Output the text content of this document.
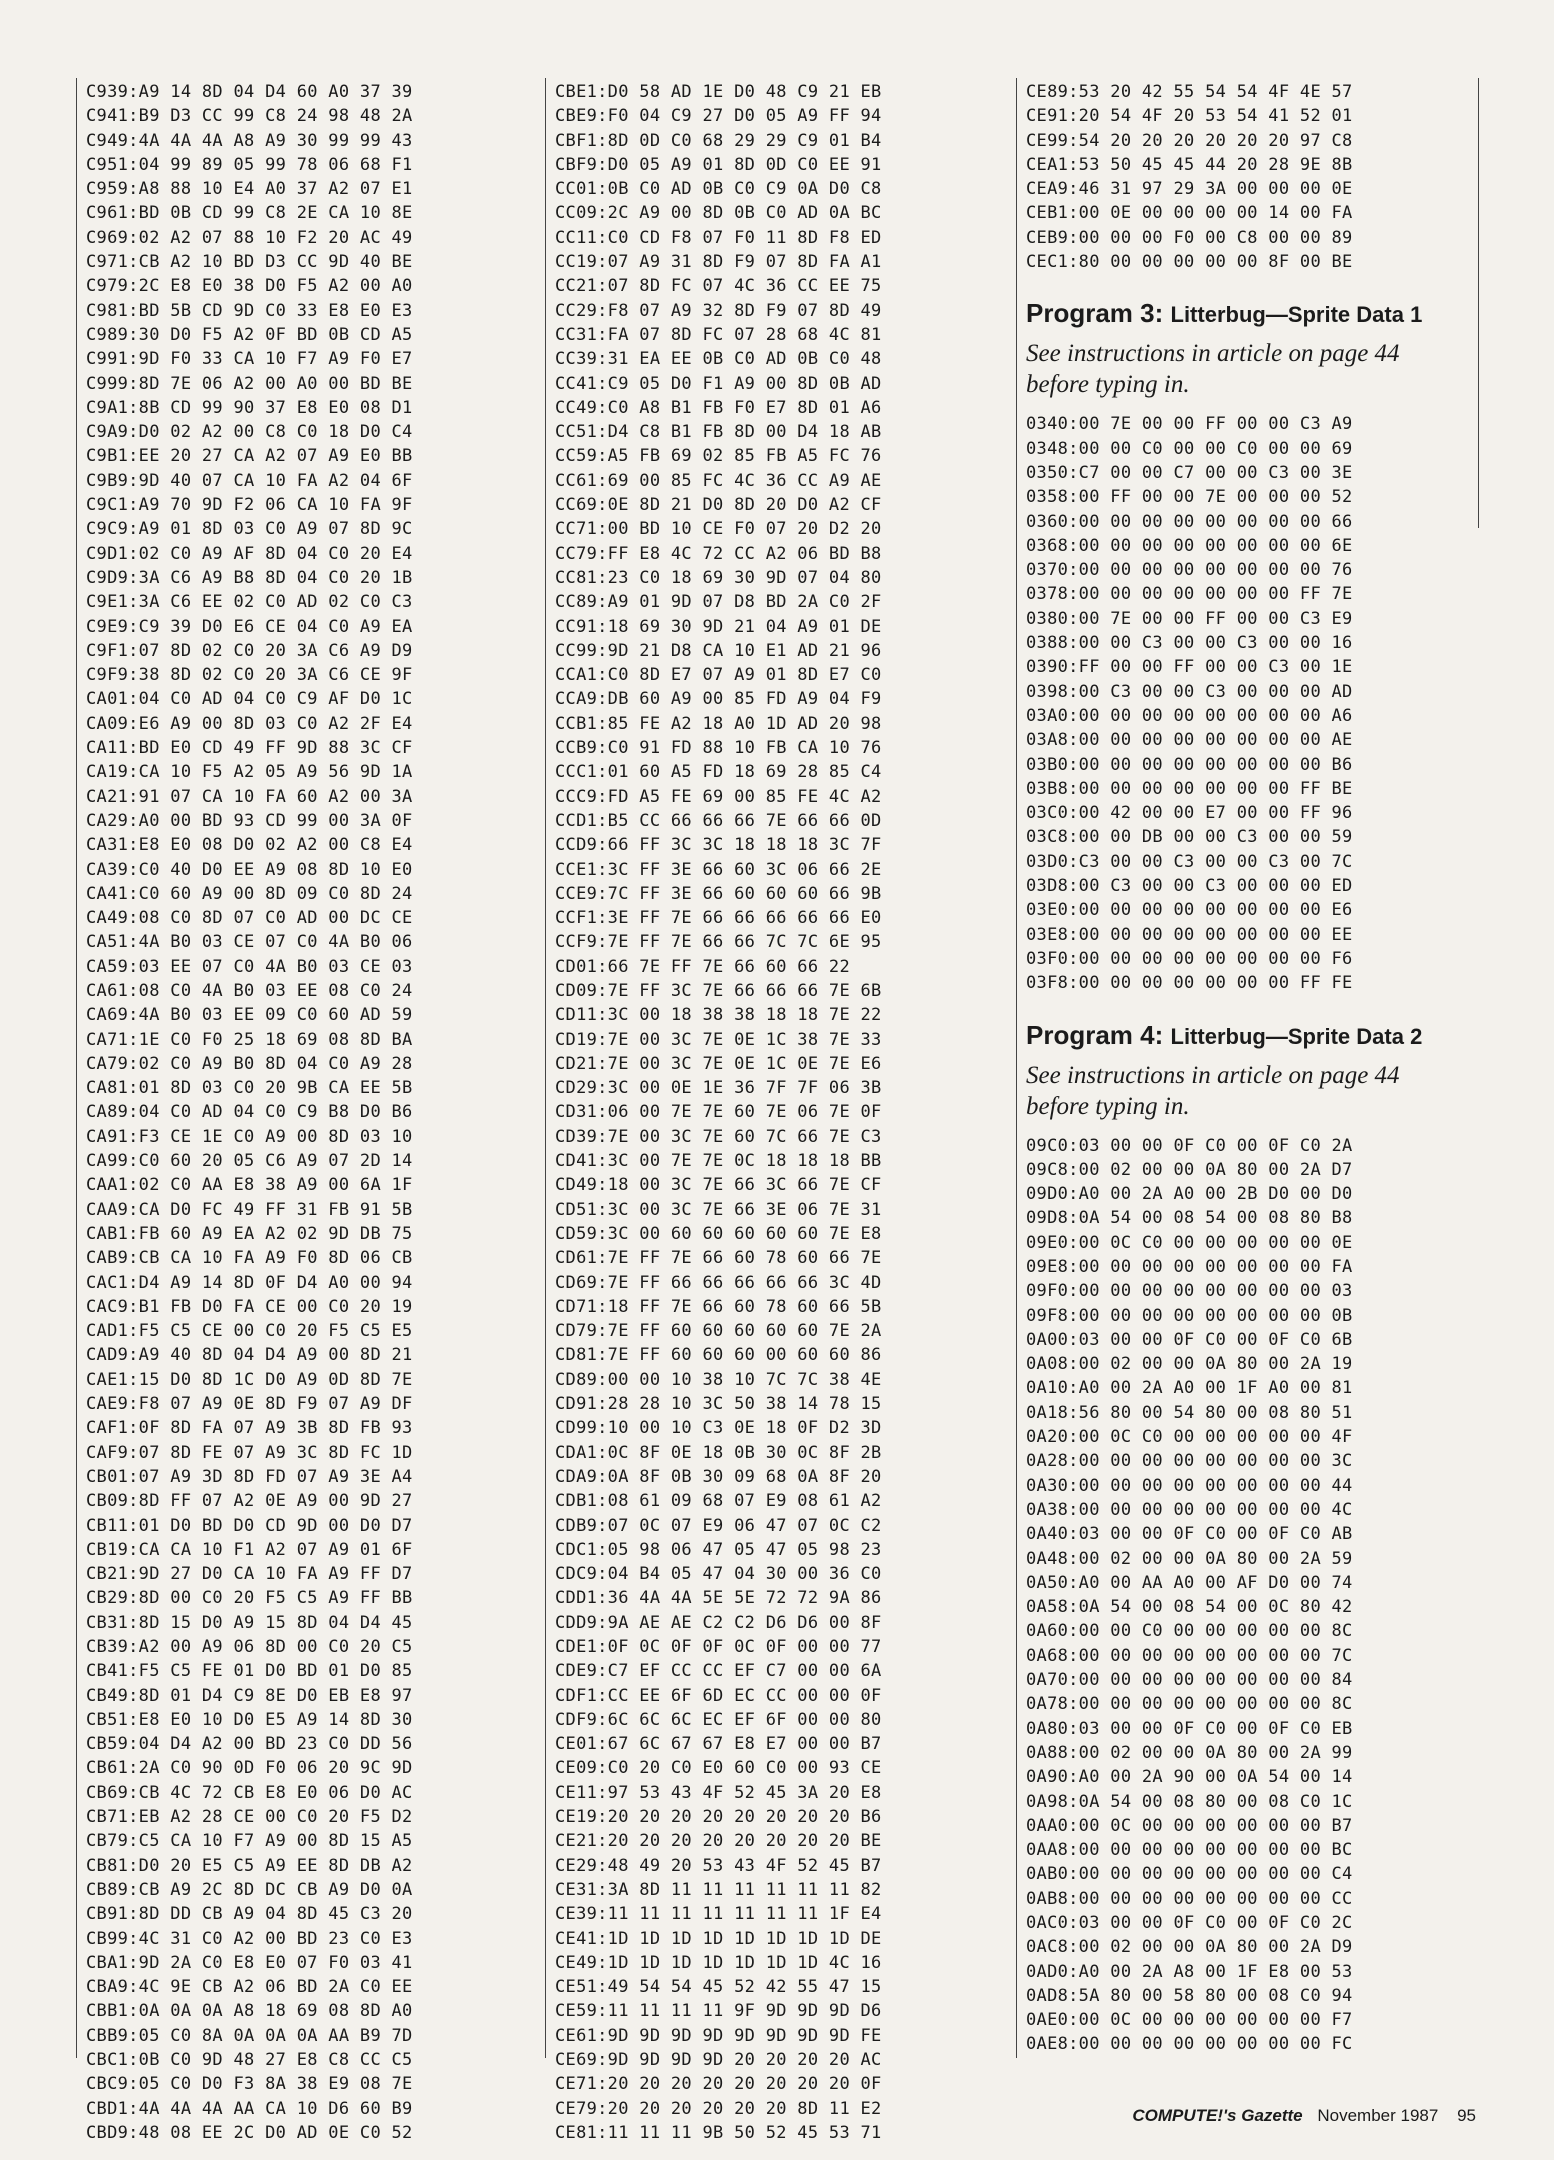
C939:A9 14 8D 04 D4 60 A0 37 39
C941:B9 D3 CC 99 C8 24 98 48 2A
C949:4A 4A 4A A8 A9 30 99 99 43
C951:04 99 89 05 99 78 06 68 F1
C959:A8 88 10 E4 A0 37 A2 07 E1
C961:BD 0B CD 99 C8 2E CA 10 8E
C969:02 A2 07 88 10 F2 20 AC 49
C971:CB A2 10 BD D3 CC 9D 40 BE
C979:2C E8 E0 38 D0 F5 A2 00 A0
C981:BD 5B CD 9D C0 33 E8 E0 E3
C989:30 D0 F5 A2 0F BD 0B CD A5
C991:9D F0 33 CA 10 F7 A9 F0 E7
C999:8D 7E 06 A2 00 A0 00 BD BE
C9A1:8B CD 99 90 37 E8 E0 08 D1
C9A9:D0 02 A2 00 C8 C0 18 D0 C4
C9B1:EE 20 27 CA A2 07 A9 E0 BB
C9B9:9D 40 07 CA 10 FA A2 04 6F
C9C1:A9 70 9D F2 06 CA 10 FA 9F
C9C9:A9 01 8D 03 C0 A9 07 8D 9C
C9D1:02 C0 A9 AF 8D 04 C0 20 E4
C9D9:3A C6 A9 B8 8D 04 C0 20 1B
C9E1:3A C6 EE 02 C0 AD 02 C0 C3
C9E9:C9 39 D0 E6 CE 04 C0 A9 EA
C9F1:07 8D 02 C0 20 3A C6 A9 D9
C9F9:38 8D 02 C0 20 3A C6 CE 9F
CA01:04 C0 AD 04 C0 C9 AF D0 1C
CA09:E6 A9 00 8D 03 C0 A2 2F E4
CA11:BD E0 CD 49 FF 9D 88 3C CF
CA19:CA 10 F5 A2 05 A9 56 9D 1A
CA21:91 07 CA 10 FA 60 A2 00 3A
CA29:A0 00 BD 93 CD 99 00 3A 0F
CA31:E8 E0 08 D0 02 A2 00 C8 E4
CA39:C0 40 D0 EE A9 08 8D 10 E0
CA41:C0 60 A9 00 8D 09 C0 8D 24
CA49:08 C0 8D 07 C0 AD 00 DC CE
CA51:4A B0 03 CE 07 C0 4A B0 06
CA59:03 EE 07 C0 4A B0 03 CE 03
CA61:08 C0 4A B0 03 EE 08 C0 24
CA69:4A B0 03 EE 09 C0 60 AD 59
CA71:1E C0 F0 25 18 69 08 8D BA
CA79:02 C0 A9 B0 8D 04 C0 A9 28
CA81:01 8D 03 C0 20 9B CA EE 5B
CA89:04 C0 AD 04 C0 C9 B8 D0 B6
CA91:F3 CE 1E C0 A9 00 8D 03 10
CA99:C0 60 20 05 C6 A9 07 2D 14
CAA1:02 C0 AA E8 38 A9 00 6A 1F
CAA9:CA D0 FC 49 FF 31 FB 91 5B
CAB1:FB 60 A9 EA A2 02 9D DB 75
CAB9:CB CA 10 FA A9 F0 8D 06 CB
CAC1:D4 A9 14 8D 0F D4 A0 00 94
CAC9:B1 FB D0 FA CE 00 C0 20 19
CAD1:F5 C5 CE 00 C0 20 F5 C5 E5
CAD9:A9 40 8D 04 D4 A9 00 8D 21
CAE1:15 D0 8D 1C D0 A9 0D 8D 7E
CAE9:F8 07 A9 0E 8D F9 07 A9 DF
CAF1:0F 8D FA 07 A9 3B 8D FB 93
CAF9:07 8D FE 07 A9 3C 8D FC 1D
CB01:07 A9 3D 8D FD 07 A9 3E A4
CB09:8D FF 07 A2 0E A9 00 9D 27
CB11:01 D0 BD D0 CD 9D 00 D0 D7
CB19:CA CA 10 F1 A2 07 A9 01 6F
CB21:9D 27 D0 CA 10 FA A9 FF D7
CB29:8D 00 C0 20 F5 C5 A9 FF BB
CB31:8D 15 D0 A9 15 8D 04 D4 45
CB39:A2 00 A9 06 8D 00 C0 20 C5
CB41:F5 C5 FE 01 D0 BD 01 D0 85
CB49:8D 01 D4 C9 8E D0 EB E8 97
CB51:E8 E0 10 D0 E5 A9 14 8D 30
CB59:04 D4 A2 00 BD 23 C0 DD 56
CB61:2A C0 90 0D F0 06 20 9C 9D
CB69:CB 4C 72 CB E8 E0 06 D0 AC
CB71:EB A2 28 CE 00 C0 20 F5 D2
CB79:C5 CA 10 F7 A9 00 8D 15 A5
CB81:D0 20 E5 C5 A9 EE 8D DB A2
CB89:CB A9 2C 8D DC CB A9 D0 0A
CB91:8D DD CB A9 04 8D 45 C3 20
CB99:4C 31 C0 A2 00 BD 23 C0 E3
CBA1:9D 2A C0 E8 E0 07 F0 03 41
CBA9:4C 9E CB A2 06 BD 2A C0 EE
CBB1:0A 0A 0A A8 18 69 08 8D A0
CBB9:05 C0 8A 0A 0A 0A AA B9 7D
CBC1:0B C0 9D 48 27 E8 C8 CC C5
CBC9:05 C0 D0 F3 8A 38 E9 08 7E
CBD1:4A 4A 4A AA CA 10 D6 60 B9
CBD9:48 08 EE 2C D0 AD 0E C0 52
CBE1:D0 58 AD 1E D0 48 C9 21 EB
CBE9:F0 04 C9 27 D0 05 A9 FF 94
CBF1:8D 0D C0 68 29 29 C9 01 B4
CBF9:D0 05 A9 01 8D 0D C0 EE 91
CC01:0B C0 AD 0B C0 C9 0A D0 C8
CC09:2C A9 00 8D 0B C0 AD 0A BC
CC11:C0 CD F8 07 F0 11 8D F8 ED
CC19:07 A9 31 8D F9 07 8D FA A1
CC21:07 8D FC 07 4C 36 CC EE 75
CC29:F8 07 A9 32 8D F9 07 8D 49
CC31:FA 07 8D FC 07 28 68 4C 81
CC39:31 EA EE 0B C0 AD 0B C0 48
CC41:C9 05 D0 F1 A9 00 8D 0B AD
CC49:C0 A8 B1 FB F0 E7 8D 01 A6
CC51:D4 C8 B1 FB 8D 00 D4 18 AB
CC59:A5 FB 69 02 85 FB A5 FC 76
CC61:69 00 85 FC 4C 36 CC A9 AE
CC69:0E 8D 21 D0 8D 20 D0 A2 CF
CC71:00 BD 10 CE F0 07 20 D2 20
CC79:FF E8 4C 72 CC A2 06 BD B8
CC81:23 C0 18 69 30 9D 07 04 80
CC89:A9 01 9D 07 D8 BD 2A C0 2F
CC91:18 69 30 9D 21 04 A9 01 DE
CC99:9D 21 D8 CA 10 E1 AD 21 96
CCA1:C0 8D E7 07 A9 01 8D E7 C0
CCA9:DB 60 A9 00 85 FD A9 04 F9
CCB1:85 FE A2 18 A0 1D AD 20 98
CCB9:C0 91 FD 88 10 FB CA 10 76
CCC1:01 60 A5 FD 18 69 28 85 C4
CCC9:FD A5 FE 69 00 85 FE 4C A2
CCD1:B5 CC 66 66 66 7E 66 66 0D
CCD9:66 FF 3C 3C 18 18 18 3C 7F
CCE1:3C FF 3E 66 60 3C 06 66 2E
CCE9:7C FF 3E 66 60 60 60 66 9B
CCF1:3E FF 7E 66 66 66 66 66 E0
CCF9:7E FF 7E 66 66 7C 7C 6E 95
CD01:66 7E FF 7E 66 60 66 22
CD09:7E FF 3C 7E 66 66 66 7E 6B
CD11:3C 00 18 38 38 18 18 7E 22
CD19:7E 00 3C 7E 0E 1C 38 7E 33
CD21:7E 00 3C 7E 0E 1C 0E 7E E6
CD29:3C 00 0E 1E 36 7F 7F 06 3B
CD31:06 00 7E 7E 60 7E 06 7E 0F
CD39:7E 00 3C 7E 60 7C 66 7E C3
CD41:3C 00 7E 7E 0C 18 18 18 BB
CD49:18 00 3C 7E 66 3C 66 7E CF
CD51:3C 00 3C 7E 66 3E 06 7E 31
CD59:3C 00 60 60 60 60 60 7E E8
CD61:7E FF 7E 66 60 78 60 66 7E
CD69:7E FF 66 66 66 66 66 3C 4D
CD71:18 FF 7E 66 60 78 60 66 5B
CD79:7E FF 60 60 60 60 60 7E 2A
CD81:7E FF 60 60 60 00 60 60 86
CD89:00 00 10 38 10 7C 7C 38 4E
CD91:28 28 10 3C 50 38 14 78 15
CD99:10 00 10 C3 0E 18 0F D2 3D
CDA1:0C 8F 0E 18 0B 30 0C 8F 2B
CDA9:0A 8F 0B 30 09 68 0A 8F 20
CDB1:08 61 09 68 07 E9 08 61 A2
CDB9:07 0C 07 E9 06 47 07 0C C2
CDC1:05 98 06 47 05 47 05 98 23
CDC9:04 B4 05 47 04 30 00 36 C0
CDD1:36 4A 4A 5E 5E 72 72 9A 86
CDD9:9A AE AE C2 C2 D6 D6 00 8F
CDE1:0F 0C 0F 0F 0C 0F 00 00 77
CDE9:C7 EF CC CC EF C7 00 00 6A
CDF1:CC EE 6F 6D EC CC 00 00 0F
CDF9:6C 6C 6C EC EF 6F 00 00 80
CE01:67 6C 67 67 E8 E7 00 00 B7
CE09:C0 20 C0 E0 60 C0 00 93 CE
CE11:97 53 43 4F 52 45 3A 20 E8
CE19:20 20 20 20 20 20 20 20 B6
CE21:20 20 20 20 20 20 20 20 BE
CE29:48 49 20 53 43 4F 52 45 B7
CE31:3A 8D 11 11 11 11 11 11 82
CE39:11 11 11 11 11 11 11 1F E4
CE41:1D 1D 1D 1D 1D 1D 1D 1D DE
CE49:1D 1D 1D 1D 1D 1D 1D 4C 16
CE51:49 54 54 45 52 42 55 47 15
CE59:11 11 11 11 9F 9D 9D 9D D6
CE61:9D 9D 9D 9D 9D 9D 9D 9D FE
CE69:9D 9D 9D 9D 20 20 20 20 AC
CE71:20 20 20 20 20 20 20 20 0F
CE79:20 20 20 20 20 20 8D 11 E2
CE81:11 11 11 9B 50 52 45 53 71
CE89:53 20 42 55 54 54 4F 4E 57
CE91:20 54 4F 20 53 54 41 52 01
CE99:54 20 20 20 20 20 20 97 C8
CEA1:53 50 45 45 44 20 28 9E 8B
CEA9:46 31 97 29 3A 00 00 00 0E
CEB1:00 0E 00 00 00 00 14 00 FA
CEB9:00 00 00 F0 00 C8 00 00 89
CEC1:80 00 00 00 00 00 8F 00 BE
Program 3: Litterbug—Sprite Data 1
See instructions in article on page 44 before typing in.
0340:00 7E 00 00 FF 00 00 C3 A9
0348:00 00 C0 00 00 C0 00 00 69
0350:C7 00 00 C7 00 00 C3 00 3E
0358:00 FF 00 00 7E 00 00 00 52
0360:00 00 00 00 00 00 00 00 66
0368:00 00 00 00 00 00 00 00 6E
0370:00 00 00 00 00 00 00 00 76
0378:00 00 00 00 00 00 00 FF 7E
0380:00 7E 00 00 FF 00 00 C3 E9
0388:00 00 C3 00 00 C3 00 00 16
0390:FF 00 00 FF 00 00 C3 00 1E
0398:00 C3 00 00 C3 00 00 00 AD
03A0:00 00 00 00 00 00 00 00 A6
03A8:00 00 00 00 00 00 00 00 AE
03B0:00 00 00 00 00 00 00 00 B6
03B8:00 00 00 00 00 00 00 FF BE
03C0:00 42 00 00 E7 00 00 FF 96
03C8:00 00 DB 00 00 C3 00 00 59
03D0:C3 00 00 C3 00 00 C3 00 7C
03D8:00 C3 00 00 C3 00 00 00 ED
03E0:00 00 00 00 00 00 00 00 E6
03E8:00 00 00 00 00 00 00 00 EE
03F0:00 00 00 00 00 00 00 00 F6
03F8:00 00 00 00 00 00 00 FF FE
Program 4: Litterbug—Sprite Data 2
See instructions in article on page 44 before typing in.
09C0:03 00 00 0F C0 00 0F C0 2A
09C8:00 02 00 00 0A 80 00 2A D7
09D0:A0 00 2A A0 00 2B D0 00 D0
09D8:0A 54 00 08 54 00 08 80 B8
09E0:00 0C C0 00 00 00 00 00 0E
09E8:00 00 00 00 00 00 00 00 FA
09F0:00 00 00 00 00 00 00 00 03
09F8:00 00 00 00 00 00 00 00 0B
0A00:03 00 00 0F C0 00 0F C0 6B
0A08:00 02 00 00 0A 80 00 2A 19
0A10:A0 00 2A A0 00 1F A0 00 81
0A18:56 80 00 54 80 00 08 80 51
0A20:00 0C C0 00 00 00 00 00 4F
0A28:00 00 00 00 00 00 00 00 3C
0A30:00 00 00 00 00 00 00 00 44
0A38:00 00 00 00 00 00 00 00 4C
0A40:03 00 00 0F C0 00 0F C0 AB
0A48:00 02 00 00 0A 80 00 2A 59
0A50:A0 00 AA A0 00 AF D0 00 74
0A58:0A 54 00 08 54 00 0C 80 42
0A60:00 00 C0 00 00 00 00 00 8C
0A68:00 00 00 00 00 00 00 00 7C
0A70:00 00 00 00 00 00 00 00 84
0A78:00 00 00 00 00 00 00 00 8C
0A80:03 00 00 0F C0 00 0F C0 EB
0A88:00 02 00 00 0A 80 00 2A 99
0A90:A0 00 2A 90 00 0A 54 00 14
0A98:0A 54 00 08 80 00 08 C0 1C
0AA0:00 0C 00 00 00 00 00 00 B7
0AA8:00 00 00 00 00 00 00 00 BC
0AB0:00 00 00 00 00 00 00 00 C4
0AB8:00 00 00 00 00 00 00 00 CC
0AC0:03 00 00 0F C0 00 0F C0 2C
0AC8:00 02 00 00 0A 80 00 2A D9
0AD0:A0 00 2A A8 00 1F E8 00 53
0AD8:5A 80 00 58 80 00 08 C0 94
0AE0:00 0C 00 00 00 00 00 00 F7
0AE8:00 00 00 00 00 00 00 00 FC
COMPUTE!'s Gazette November 1987 95
